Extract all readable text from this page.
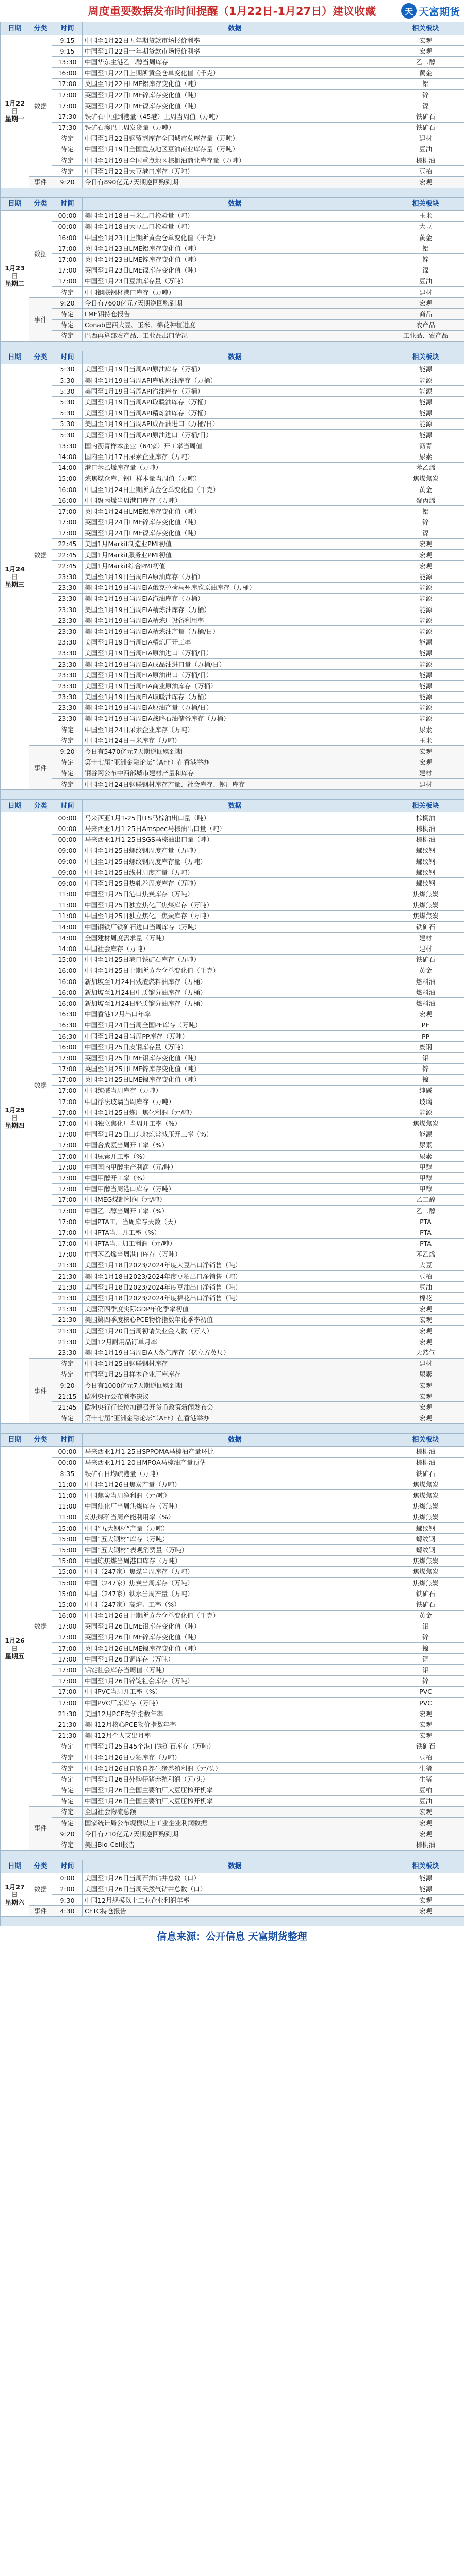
周度重要数据发布时间提醒（1月22日-1月27日）建议收藏	天 天富期货
日期	分类	时间	数据	相关板块
1月22日
星期一	数据	9:15	中国至1月22日五年期贷款市场报价利率	宏观
		9:15	中国至1月22日一年期贷款市场报价利率	宏观
		13:30	中国华东主港乙二醇当周库存	乙二醇
		16:00	中国至1月22日上期所黄金仓单变化值（千克）	黄金
		17:00	英国至1月22日LME铝库存变化值（吨）	铝
		17:00	英国至1月22日LME锌库存变化值（吨）	锌
		17:00	英国至1月22日LME镍库存变化值（吨）	镍
		17:30	铁矿石中国到港量（45港）上周当周值（万吨）	铁矿石
		17:30	铁矿石澳巴上周发货量（万吨）	铁矿石
		待定	中国至1月22日钢贸商库存全国城市总库存量（万吨）	建材
		待定	中国至1月19日全国重点地区豆油商业库存量（万吨）	豆油
		待定	中国至1月19日全国重点地区棕榈油商业库存量（万吨）	棕榈油
		待定	中国至1月22日大豆港口库存（万吨）	豆粕
	事件	9:20	今日有890亿元7天期逆回购到期	宏观

日期	分类	时间	数据	相关板块
1月23日
星期二	数据	00:00	美国至1月18日玉米出口检验量（吨）	玉米
		00:00	美国至1月18日大豆出口检验量（吨）	大豆
		16:00	中国至1月23日上期所黄金仓单变化值（千克）	黄金
		17:00	英国至1月23日LME铝库存变化值（吨）	铝
		17:00	英国至1月23日LME锌库存变化值（吨）	锌
		17:00	英国至1月23日LME镍库存变化值（吨）	镍
		17:00	中国至1月23日豆油库存量（万吨）	豆油
		待定	中国钢联钢材港口库存（万吨）	建材
	事件	9:20	今日有7600亿元7天期逆回购到期	宏观
		待定	LME铝持仓报告	商品
		待定	Conab巴西大豆、玉米、棉花种植进度	农产品
		待定	巴西再算部农产品、工业品出口情况	工业品、农产品

日期	分类	时间	数据	相关板块
1月24日
星期三	数据	5:30	美国至1月19日当周API原油库存（万桶）	能源
		5:30	美国至1月19日当周API库欣原油库存（万桶）	能源
		5:30	美国至1月19日当周API汽油库存（万桶）	能源
		5:30	美国至1月19日当周API取暖油库存（万桶）	能源
		5:30	美国至1月19日当周API精炼油库存（万桶）	能源
		5:30	美国至1月19日当周API成品油进口（万桶/日）	能源
		5:30	美国至1月19日当周API原油进口（万桶/日）	能源
		13:30	国内沥青样本企业（64家）开工率当周值	沥青
		14:00	国内至1月17日尿素企业库存（万吨）	尿素
		14:00	港口苯乙烯库存量（万吨）	苯乙烯
		15:00	炼焦煤仓库、钢厂样本量当周值（万吨）	焦煤焦炭
		16:00	中国至1月24日上期所黄金仓单变化值（千克）	黄金
		16:00	中国聚丙烯当周港口库存（万吨）	聚丙烯
		17:00	英国至1月24日LME铝库存变化值（吨）	铝
		17:00	英国至1月24日LME锌库存变化值（吨）	锌
		17:00	英国至1月24日LME镍库存变化值（吨）	镍
		22:45	美国1月Markit制造业PMI初值	宏观
		22:45	美国1月Markit服务业PMI初值	宏观
		22:45	美国1月Markit综合PMI初值	宏观
		23:30	美国至1月19日当周EIA原油库存（万桶）	能源
		23:30	美国至1月19日当周EIA俄克拉荷马州库欣原油库存（万桶）	能源
		23:30	美国至1月19日当周EIA汽油库存（万桶）	能源
		23:30	美国至1月19日当周EIA精炼油库存（万桶）	能源
		23:30	美国至1月19日当周EIA精炼厂设备利用率	能源
		23:30	美国至1月19日当周EIA精炼油产量（万桶/日）	能源
		23:30	美国至1月19日当周EIA精炼厂开工率	能源
		23:30	美国至1月19日当周EIA原油进口（万桶/日）	能源
		23:30	美国至1月19日当周EIA成品油进口量（万桶/日）	能源
		23:30	美国至1月19日当周EIA原油出口（万桶/日）	能源
		23:30	美国至1月19日当周EIA商业原油库存（万桶）	能源
		23:30	美国至1月19日当周EIA取暖油库存（万桶）	能源
		23:30	美国至1月19日当周EIA原油产量（万桶/日）	能源
		23:30	美国至1月19日当周EIA战略石油储备库存（万桶）	能源
		待定	中国至1月24日尿素企业库存（万吨）	尿素
		待定	中国至1月24日玉米库存（万吨）	玉米
	事件	9:20	今日有5470亿元7天期逆回购到期	宏观
		待定	第十七届“亚洲金融论坛”（AFF）在香港举办	宏观
		待定	钢谷网公布中西部城市建材产量和库存	建材
		待定	中国至1月24日钢联钢材库存产量、社会库存、钢厂库存	建材

日期	分类	时间	数据	相关板块
1月25日
星期四	数据	00:00	马来西亚1月1-25日ITS马棕油出口量（吨）	棕榈油
		00:00	马来西亚1月1-25日Amspec马棕油出口量（吨）	棕榈油
		00:00	马来西亚1月1-25日SGS马棕油出口量（吨）	棕榈油
		09:00	中国至1月25日螺纹钢周度产量（万吨）	螺纹钢
		09:00	中国至1月25日螺纹钢周度库存量（万吨）	螺纹钢
		09:00	中国至1月25日线材周度产量（万吨）	螺纹钢
		09:00	中国至1月25日热轧卷周度库存（万吨）	螺纹钢
		11:00	中国至1月25日港口焦炭库存（万吨）	焦煤焦炭
		11:00	中国至1月25日独立焦化厂焦煤库存（万吨）	焦煤焦炭
		11:00	中国至1月25日独立焦化厂焦炭库存（万吨）	焦煤焦炭
		14:00	中国钢铁厂铁矿石进口当周库存（万吨）	铁矿石
		14:00	全国建材周度需求量（万吨）	建材
		14:00	中国社会库存（万吨）	建材
		15:00	中国至1月25日港口铁矿石库存（万吨）	铁矿石
		16:00	中国至1月25日上期所黄金仓单变化值（千克）	黄金
		16:00	新加坡至1月24日残渣燃料油库存（万桶）	燃料油
		16:00	新加坡至1月24日中质馏分油库存（万桶）	燃料油
		16:00	新加坡至1月24日轻质馏分油库存（万桶）	燃料油
		16:30	中国香港12月出口年率	宏观
		16:30	中国至1月24日当周全国PE库存（万吨）	PE
		16:30	中国至1月24日当周PP库存（万吨）	PP
		16:00	中国至1月25日废钢库存量（万吨）	废钢
		17:00	英国至1月25日LME铝库存变化值（吨）	铝
		17:00	英国至1月25日LME锌库存变化值（吨）	锌
		17:00	英国至1月25日LME镍库存变化值（吨）	镍
		17:00	中国纯碱当周库存（万吨）	纯碱
		17:00	中国浮法玻璃当周库存（万吨）	玻璃
		17:00	中国至1月25日炼厂焦化利润（元/吨）	能源
		17:00	中国独立焦化厂当周开工率（%）	焦煤焦炭
		17:00	中国至1月25日山东地炼常减压开工率（%）	能源
		17:00	中国合成氨当周开工率（%）	尿素
		17:00	中国尿素开工率（%）	尿素
		17:00	中国国内甲醇生产利润（元/吨）	甲醇
		17:00	中国甲醇开工率（%）	甲醇
		17:00	中国甲醇当周港口库存（万吨）	甲醇
		17:00	中国MEG煤制利润（元/吨）	乙二醇
		17:00	中国乙二醇当周开工率（%）	乙二醇
		17:00	中国PTA工厂当周库存天数（天）	PTA
		17:00	中国PTA当周开工率（%）	PTA
		17:00	中国PTA当周加工利润（元/吨）	PTA
		17:00	中国苯乙烯当周港口库存（万吨）	苯乙烯
		21:30	美国至1月18日2023/2024年度大豆出口净销售（吨）	大豆
		21:30	美国至1月18日2023/2024年度豆粕出口净销售（吨）	豆粕
		21:30	美国至1月18日2023/2024年度豆油出口净销售（吨）	豆油
		21:30	美国至1月18日2023/2024年度棉花出口净销售（吨）	棉花
		21:30	美国第四季度实际GDP年化季率初值	宏观
		21:30	美国第四季度核心PCE物价指数年化季率初值	宏观
		21:30	美国至1月20日当周初请失业金人数（万人）	宏观
		21:30	美国12月耐用品订单月率	宏观
		23:30	美国至1月19日当周EIA天然气库存（亿立方英尺）	天然气
	事件	待定	中国至1月25日钢联钢材库存	建材
		待定	中国至1月25日样本企业厂库库存	尿素
		9:20	今日有1000亿元7天期逆回购到期	宏观
		21:15	欧洲央行公布利率决议	宏观
		21:45	欧洲央行行长拉加德召开货币政策新闻发布会	宏观
		待定	第十七届“亚洲金融论坛”（AFF）在香港举办	宏观

日期	分类	时间	数据	相关板块
1月26日
星期五	数据	00:00	马来西亚1月1-25日SPPOMA马棕油产量环比	棕榈油
		00:00	马来西亚1月1-20日MPOA马棕油产量预估	棕榈油
		8:35	铁矿石日均疏港量（万吨）	铁矿石
		11:00	中国至1月26日焦炭产量（万吨）	焦煤焦炭
		11:00	中国焦炭当周净利润（元/吨）	焦煤焦炭
		11:00	中国焦化厂当周焦煤库存（万吨）	焦煤焦炭
		11:00	炼焦煤矿当周产能利用率（%）	焦煤焦炭
		15:00	中国“五大钢材”产量（万吨）	螺纹钢
		15:00	中国“五大钢材”库存（万吨）	螺纹钢
		15:00	中国“五大钢材”表观消费量（万吨）	螺纹钢
		15:00	中国炼焦煤当周港口库存（万吨）	焦煤焦炭
		15:00	中国（247家）焦煤当周库存（万吨）	焦煤焦炭
		15:00	中国（247家）焦炭当周库存（万吨）	焦煤焦炭
		15:00	中国（247家）铁水当周产量（万吨）	铁矿石
		15:00	中国（247家）高炉开工率（%）	铁矿石
		16:00	中国至1月26日上期所黄金仓单变化值（千克）	黄金
		17:00	英国至1月26日LME铝库存变化值（吨）	铝
		17:00	英国至1月26日LME锌库存变化值（吨）	锌
		17:00	英国至1月26日LME镍库存变化值（吨）	镍
		17:00	中国至1月26日铜库存（万吨）	铜
		17:00	铝锭社会库存当周值（万吨）	铝
		17:00	中国至1月26日锌锭社会库存（万吨）	锌
		17:00	中国PVC当周开工率（%）	PVC
		17:00	中国PVC厂库库存（万吨）	PVC
		21:30	美国12月PCE物价指数年率	宏观
		21:30	美国12月核心PCE物价指数年率	宏观
		21:30	美国12月个人支出月率	宏观
		待定	中国至1月25日45个港口铁矿石库存（万吨）	铁矿石
		待定	中国至1月26日豆粕库存（万吨）	豆粕
		待定	中国至1月26日自繁自养生猪养殖利润（元/头）	生猪
		待定	中国至1月26日外购仔猪养殖利润（元/头）	生猪
		待定	中国至1月26日全国主要油厂大豆压榨开机率	豆粕
		待定	中国至1月26日全国主要油厂大豆压榨开机率	豆油
	事件	待定	全国社会物流总额	宏观
		待定	国家统计局公布规模以上工业企业利润数据	宏观
		9:20	今日有710亿元7天期逆回购到期	宏观
		待定	美国Bio-Cell报告	棕榈油

日期	分类	时间	数据	相关板块
1月27日
星期六	数据	0:00	美国至1月26日当周石油钻井总数（口）	能源
		2:00	美国至1月26日当周天然气钻井总数（口）	能源
		9:30	中国12月规模以上工业企业利润年率	宏观
	事件	4:30	CFTC持仓报告	宏观

信息来源：公开信息 天富期货整理
